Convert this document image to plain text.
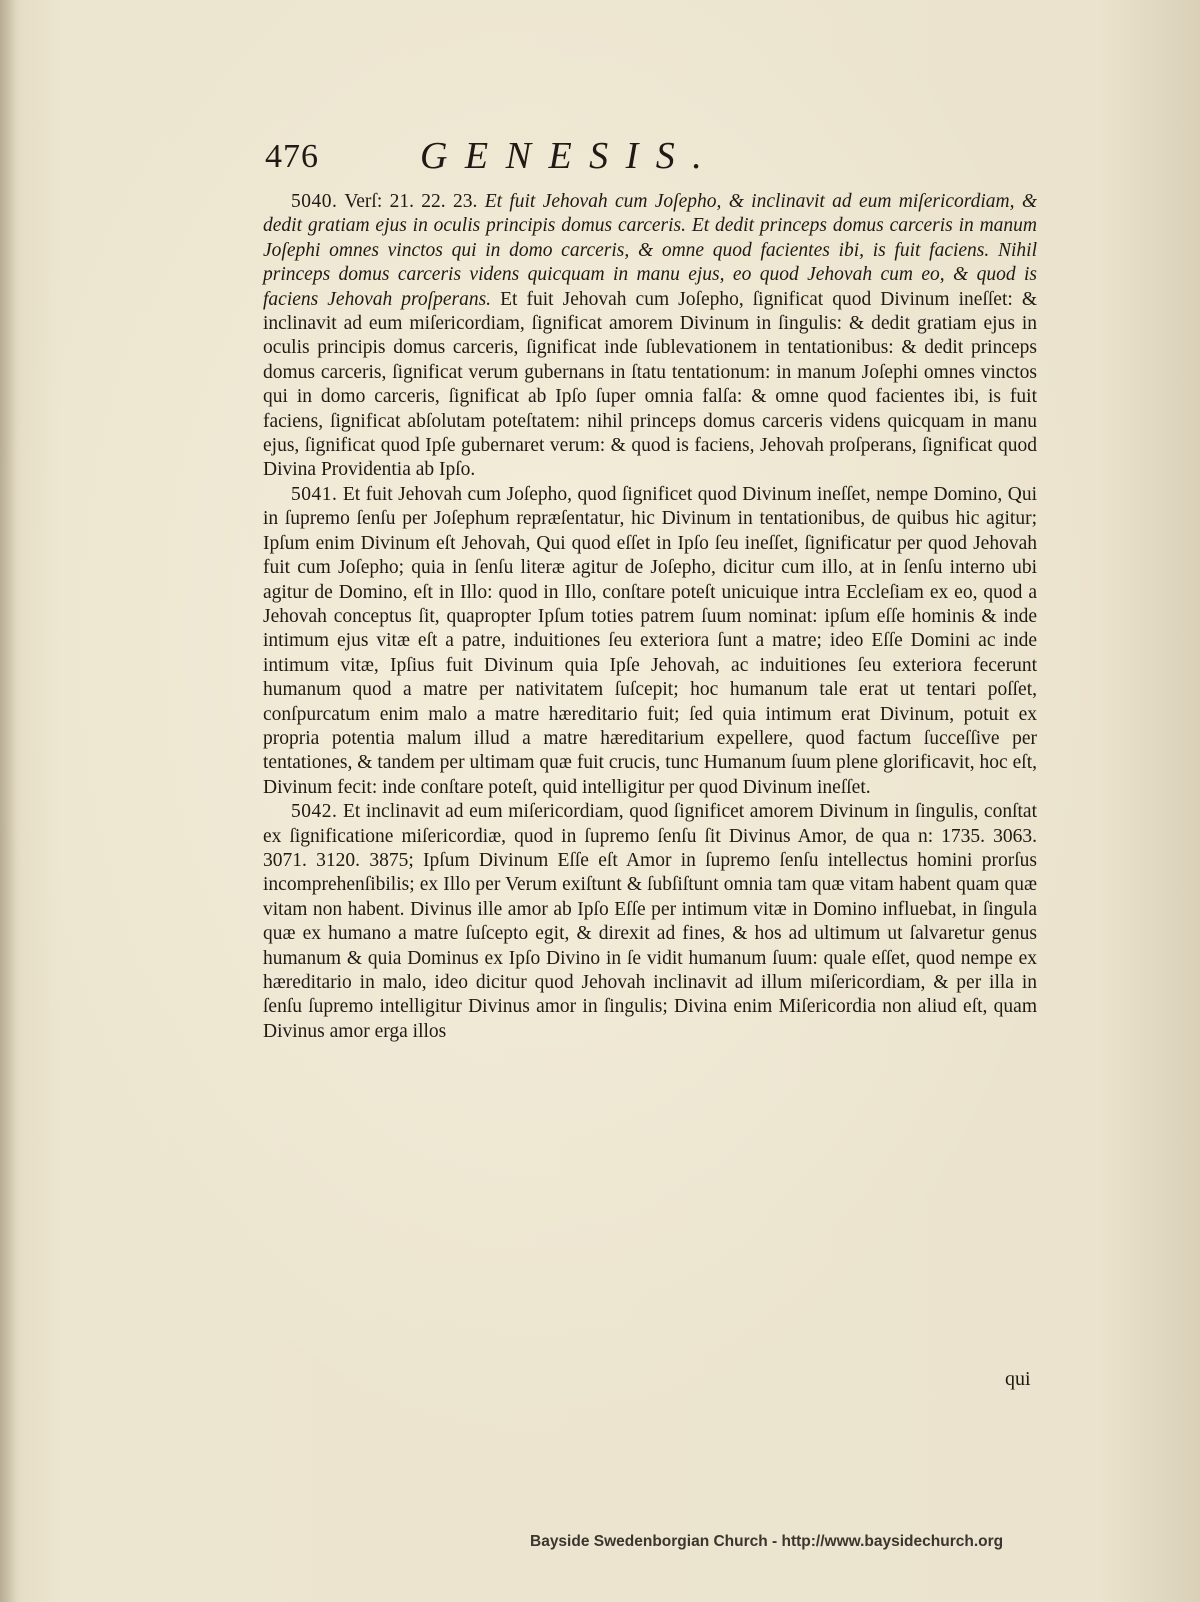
476	GENESIS.

5040. Verſ: 21. 22. 23. Et fuit Jehovah cum Joſepho, & inclinavit ad eum miſericordiam, & dedit gratiam ejus in oculis principis domus carceris. Et dedit princeps domus carceris in manum Joſephi omnes vinctos qui in domo carceris, & omne quod facientes ibi, is fuit faciens. Nihil princeps domus carceris videns quicquam in manu ejus, eo quod Jehovah cum eo, & quod is faciens Jehovah proſperans. Et fuit Jehovah cum Joſepho, ſignificat quod Divinum ineſſet: & inclinavit ad eum miſericordiam, ſignificat amorem Divinum in ſingulis: & dedit gratiam ejus in oculis principis domus carceris, ſignificat inde ſublevationem in tentationibus: & dedit princeps domus carceris, ſignificat verum gubernans in ſtatu tentationum: in manum Joſephi omnes vinctos qui in domo carceris, ſignificat ab Ipſo ſuper omnia falſa: & omne quod facientes ibi, is fuit faciens, ſignificat abſolutam poteſtatem: nihil princeps domus carceris videns quicquam in manu ejus, ſignificat quod Ipſe gubernaret verum: & quod is faciens, Jehovah proſperans, ſignificat quod Divina Providentia ab Ipſo.

5041. Et fuit Jehovah cum Joſepho, quod ſignificet quod Divinum ineſſet, nempe Domino, Qui in ſupremo ſenſu per Joſephum repræſentatur, hic Divinum in tentationibus, de quibus hic agitur; Ipſum enim Divinum eſt Jehovah, Qui quod eſſet in Ipſo ſeu ineſſet, ſignificatur per quod Jehovah fuit cum Joſepho; quia in ſenſu literæ agitur de Joſepho, dicitur cum illo, at in ſenſu interno ubi agitur de Domino, eſt in Illo: quod in Illo, conſtare poteſt unicuique intra Eccleſiam ex eo, quod a Jehovah conceptus ſit, quapropter Ipſum toties patrem ſuum nominat: ipſum eſſe hominis & inde intimum ejus vitæ eſt a patre, induitiones ſeu exteriora ſunt a matre; ideo Eſſe Domini ac inde intimum vitæ, Ipſius fuit Divinum quia Ipſe Jehovah, ac induitiones ſeu exteriora fecerunt humanum quod a matre per nativitatem ſuſcepit; hoc humanum tale erat ut tentari poſſet, conſpurcatum enim malo a matre hæreditario fuit; ſed quia intimum erat Divinum, potuit ex propria potentia malum illud a matre hæreditarium expellere, quod factum ſucceſſive per tentationes, & tandem per ultimam quæ fuit crucis, tunc Humanum ſuum plene glorificavit, hoc eſt, Divinum fecit: inde conſtare poteſt, quid intelligitur per quod Divinum ineſſet.

5042. Et inclinavit ad eum miſericordiam, quod ſignificet amorem Divinum in ſingulis, conſtat ex ſignificatione miſericordiæ, quod in ſupremo ſenſu ſit Divinus Amor, de qua n: 1735. 3063. 3071. 3120. 3875; Ipſum Divinum Eſſe eſt Amor in ſupremo ſenſu intellectus homini prorſus incomprehenſibilis; ex Illo per Verum exiſtunt & ſubſiſtunt omnia tam quæ vitam habent quam quæ vitam non habent. Divinus ille amor ab Ipſo Eſſe per intimum vitæ in Domino influebat, in ſingula quæ ex humano a matre ſuſcepto egit, & direxit ad fines, & hos ad ultimum ut ſalvaretur genus humanum & quia Dominus ex Ipſo Divino in ſe vidit humanum ſuum: quale eſſet, quod nempe ex hæreditario in malo, ideo dicitur quod Jehovah inclinavit ad illum miſericordiam, & per illa in ſenſu ſupremo intelligitur Divinus amor in ſingulis; Divina enim Miſericordia non aliud eſt, quam Divinus amor erga illos

qui
Bayside Swedenborgian Church - http://www.baysidechurch.org
